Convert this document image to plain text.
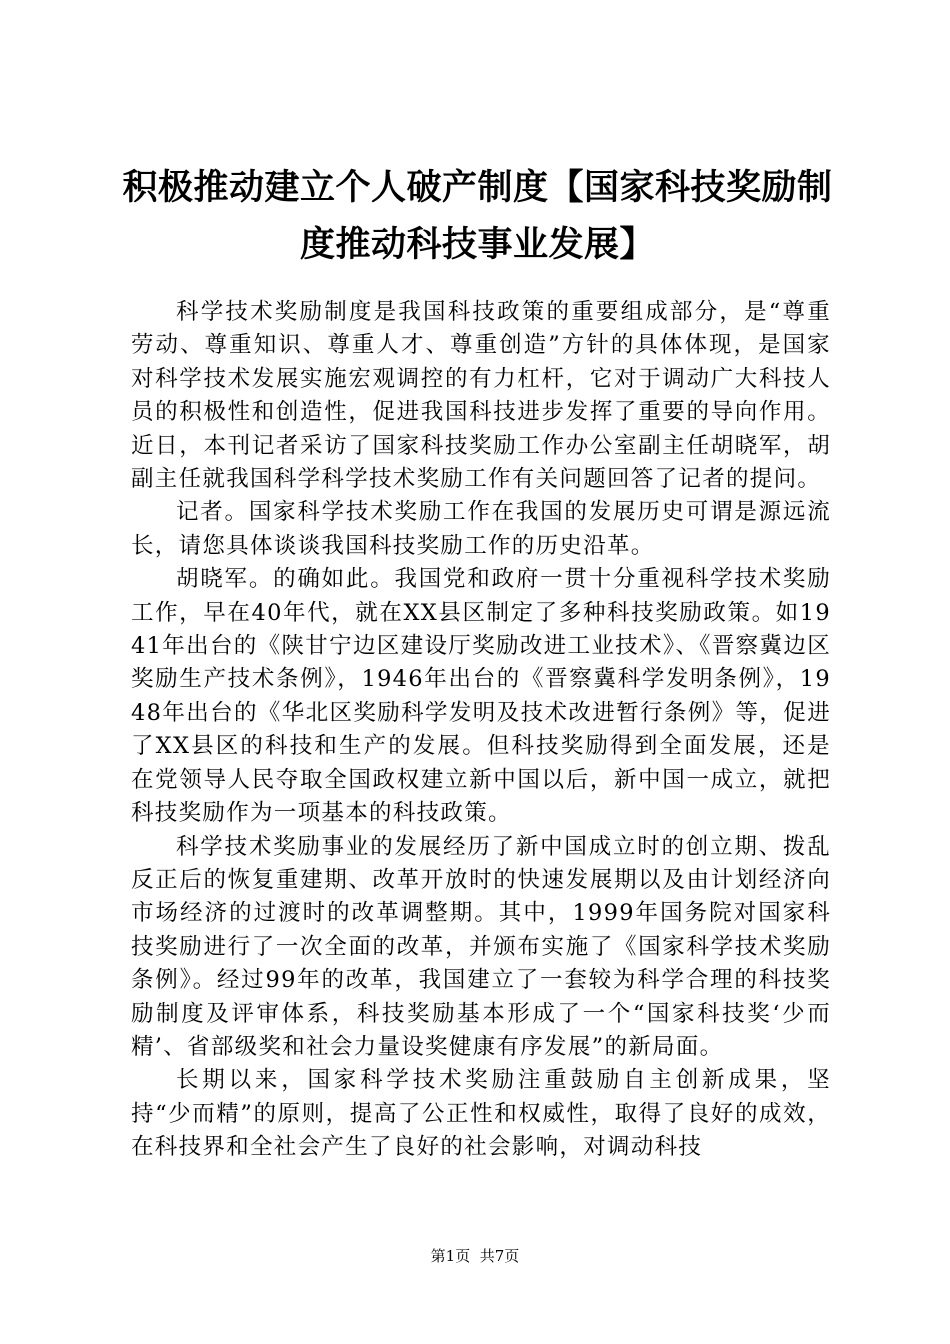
积极推动建立个人破产制度【国家科技奖励制度推动科技事业发展】

科学技术奖励制度是我国科技政策的重要组成部分，是“尊重劳动、尊重知识、尊重人才、尊重创造”方针的具体体现，是国家对科学技术发展实施宏观调控的有力杠杆，它对于调动广大科技人员的积极性和创造性，促进我国科技进步发挥了重要的导向作用。近日，本刊记者采访了国家科技奖励工作办公室副主任胡晓军，胡副主任就我国科学科学技术奖励工作有关问题回答了记者的提问。

记者。国家科学技术奖励工作在我国的发展历史可谓是源远流长，请您具体谈谈我国科技奖励工作的历史沿革。

胡晓军。的确如此。我国党和政府一贯十分重视科学技术奖励工作，早在40年代，就在XX县区制定了多种科技奖励政策。如1941年出台的《陕甘宁边区建设厅奖励改进工业技术》、《晋察冀边区奖励生产技术条例》，1946年出台的《晋察冀科学发明条例》，1948年出台的《华北区奖励科学发明及技术改进暂行条例》等，促进了XX县区的科技和生产的发展。但科技奖励得到全面发展，还是在党领导人民夺取全国政权建立新中国以后，新中国一成立，就把科技奖励作为一项基本的科技政策。

科学技术奖励事业的发展经历了新中国成立时的创立期、拨乱反正后的恢复重建期、改革开放时的快速发展期以及由计划经济向市场经济的过渡时的改革调整期。其中，1999年国务院对国家科技奖励进行了一次全面的改革，并颁布实施了《国家科学技术奖励条例》。经过99年的改革，我国建立了一套较为科学合理的科技奖励制度及评审体系，科技奖励基本形成了一个“国家科技奖‘少而精’、省部级奖和社会力量设奖健康有序发展”的新局面。

长期以来，国家科学技术奖励注重鼓励自主创新成果，坚持“少而精”的原则，提高了公正性和权威性，取得了良好的成效，在科技界和全社会产生了良好的社会影响，对调动科技

第1页 共7页
